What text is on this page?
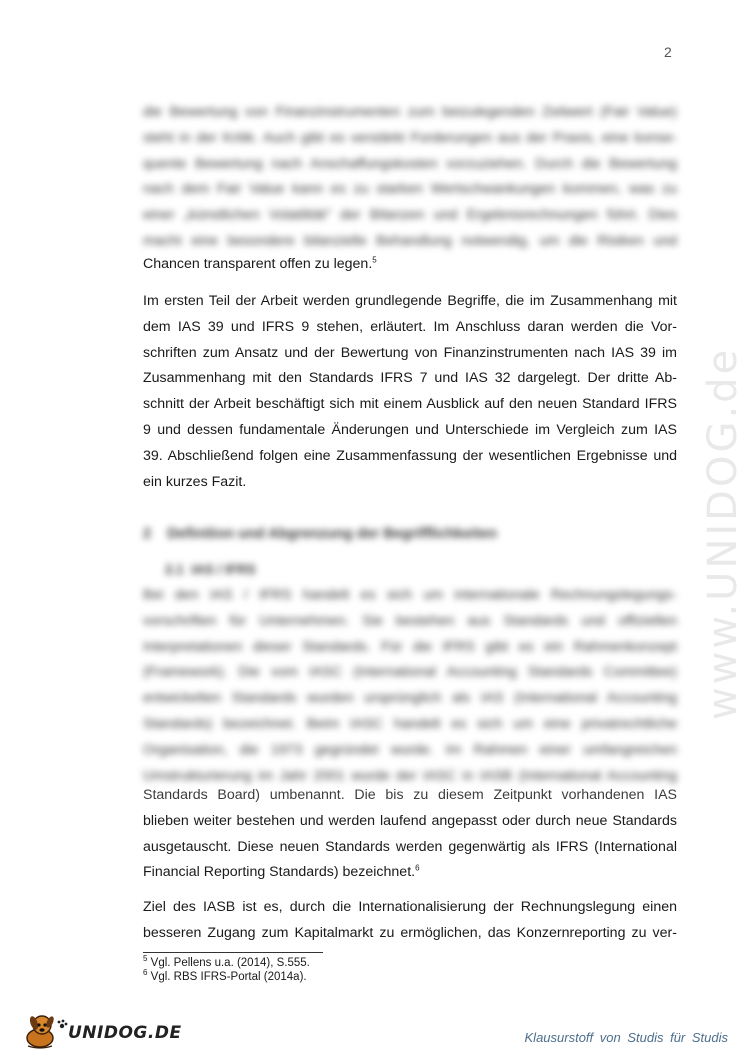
www.UNIDOG.de
2
die Bewertung von Finanzinstrumenten zum beizulegenden Zeitwert (Fair Value)
steht in der Kritik. Auch gibt es verstärkt Forderungen aus der Praxis, eine konse-
quente Bewertung nach Anschaffungskosten vorzuziehen. Durch die Bewertung
nach dem Fair Value kann es zu starken Wertschwankungen kommen, was zu
einer „künstlichen Volatilität" der Bilanzen und Ergebnisrechnungen führt. Dies
macht eine besondere bilanzielle Behandlung notwendig, um die Risiken und
Chancen transparent offen zu legen.$^5$
Im ersten Teil der Arbeit werden grundlegende Begriffe, die im Zusammenhang mit
dem IAS 39 und IFRS 9 stehen, erläutert. Im Anschluss daran werden die Vor-
schriften zum Ansatz und der Bewertung von Finanzinstrumenten nach IAS 39 im
Zusammenhang mit den Standards IFRS 7 und IAS 32 dargelegt. Der dritte Ab-
schnitt der Arbeit beschäftigt sich mit einem Ausblick auf den neuen Standard IFRS
9 und dessen fundamentale Änderungen und Unterschiede im Vergleich zum IAS
39. Abschließend folgen eine Zusammenfassung der wesentlichen Ergebnisse und
ein kurzes Fazit.
2 Definition und Abgrenzung der Begrifflichkeiten
2.1 IAS / IFRS
Bei den IAS / IFRS handelt es sich um internationale Rechnungslegungs-
vorschriften für Unternehmen. Sie bestehen aus Standards und offiziellen
Interpretationen dieser Standards. Für die IFRS gibt es ein Rahmenkonzept
(Framework). Die vom IASC (International Accounting Standards Committee)
entwickelten Standards wurden ursprünglich als IAS (International Accounting
Standards) bezeichnet. Beim IASC handelt es sich um eine privatrechtliche
Organisation, die 1973 gegründet wurde. Im Rahmen einer umfangreichen
Umstrukturierung im Jahr 2001 wurde der IASC in IASB (International Accounting
Standards Board) umbenannt. Die bis zu diesem Zeitpunkt vorhandenen IAS
blieben weiter bestehen und werden laufend angepasst oder durch neue Standards
ausgetauscht. Diese neuen Standards werden gegenwärtig als IFRS (International
Financial Reporting Standards) bezeichnet.$^6$
Ziel des IASB ist es, durch die Internationalisierung der Rechnungslegung einen
besseren Zugang zum Kapitalmarkt zu ermöglichen, das Konzernreporting zu ver-
$^5$ Vgl. Pellens u.a. (2014), S.555.
$^6$ Vgl. RBS IFRS-Portal (2014a).
UNIDOG.DE	Klausurstoff von Studis für Studis
